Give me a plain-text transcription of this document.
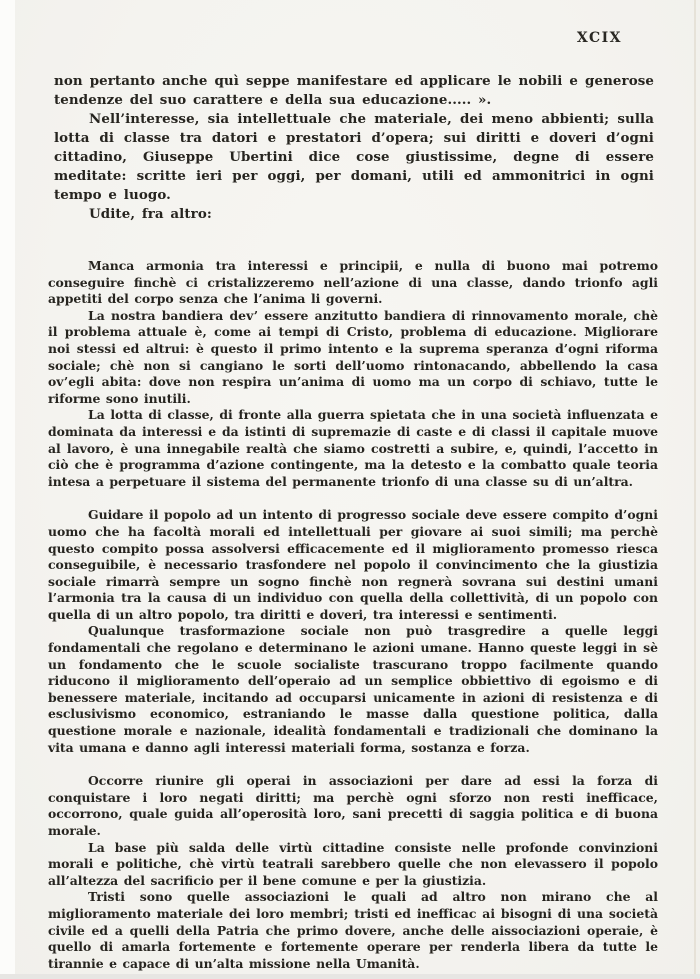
XCIX

non pertanto anche quì seppe manifestare ed applicare le nobili e generose tendenze del suo carattere e della sua educazione..... ».

Nell’interesse, sia intellettuale che materiale, dei meno abbienti; sulla lotta di classe tra datori e prestatori d’opera; sui diritti e doveri d’ogni cittadino, Giuseppe Ubertini dice cose giustissime, degne di essere meditate: scritte ieri per oggi, per domani, utili ed ammonitrici in ogni tempo e luogo.

Udite, fra altro:

Manca armonia tra interessi e principii, e nulla di buono mai potremo conseguire finchè ci cristalizzeremo nell’azione di una classe, dando trionfo agli appetiti del corpo senza che l’anima li governi.

La nostra bandiera dev’ essere anzitutto bandiera di rinnovamento morale, chè il problema attuale è, come ai tempi di Cristo, problema di educazione. Migliorare noi stessi ed altrui: è questo il primo intento e la suprema speranza d’ogni riforma sociale; chè non si cangiano le sorti dell’uomo rintonacando, abbellendo la casa ov’egli abita: dove non respira un’anima di uomo ma un corpo di schiavo, tutte le riforme sono inutili.

La lotta di classe, di fronte alla guerra spietata che in una società influenzata e dominata da interessi e da istinti di supremazie di caste e di classi il capitale muove al lavoro, è una innegabile realtà che siamo costretti a subire, e, quindi, l’accetto in ciò che è programma d’azione contingente, ma la detesto e la combatto quale teoria intesa a perpetuare il sistema del permanente trionfo di una classe su di un’altra.

Guidare il popolo ad un intento di progresso sociale deve essere compito d’ogni uomo che ha facoltà morali ed intellettuali per giovare ai suoi simili; ma perchè questo compito possa assolversi efficacemente ed il miglioramento promesso riesca conseguibile, è necessario trasfondere nel popolo il convincimento che la giustizia sociale rimarrà sempre un sogno finchè non regnerà sovrana sui destini umani l’armonia tra la causa di un individuo con quella della collettività, di un popolo con quella di un altro popolo, tra diritti e doveri, tra interessi e sentimenti.

Qualunque trasformazione sociale non può trasgredire a quelle leggi fondamentali che regolano e determinano le azioni umane. Hanno queste leggi in sè un fondamento che le scuole socialiste trascurano troppo facilmente quando riducono il miglioramento dell’operaio ad un semplice obbiettivo di egoismo e di benessere materiale, incitando ad occuparsi unicamente in azioni di resistenza e di esclusivismo economico, estraniando le masse dalla questione politica, dalla questione morale e nazionale, idealità fondamentali e tradizionali che dominano la vita umana e danno agli interessi materiali forma, sostanza e forza.

Occorre riunire gli operai in associazioni per dare ad essi la forza di conquistare i loro negati diritti; ma perchè ogni sforzo non resti inefficace, occorrono, quale guida all’operosità loro, sani precetti di saggia politica e di buona morale.

La base più salda delle virtù cittadine consiste nelle profonde convinzioni morali e politiche, chè virtù teatrali sarebbero quelle che non elevassero il popolo all’altezza del sacrificio per il bene comune e per la giustizia.

Tristi sono quelle associazioni le quali ad altro non mirano che al miglioramento materiale dei loro membri; tristi ed inefficac ai bisogni di una società civile ed a quelli della Patria che primo dovere, anche delle aissociazioni operaie, è quello di amarla fortemente e fortemente operare per renderla libera da tutte le tirannie e capace di un’alta missione nella Umanità.
